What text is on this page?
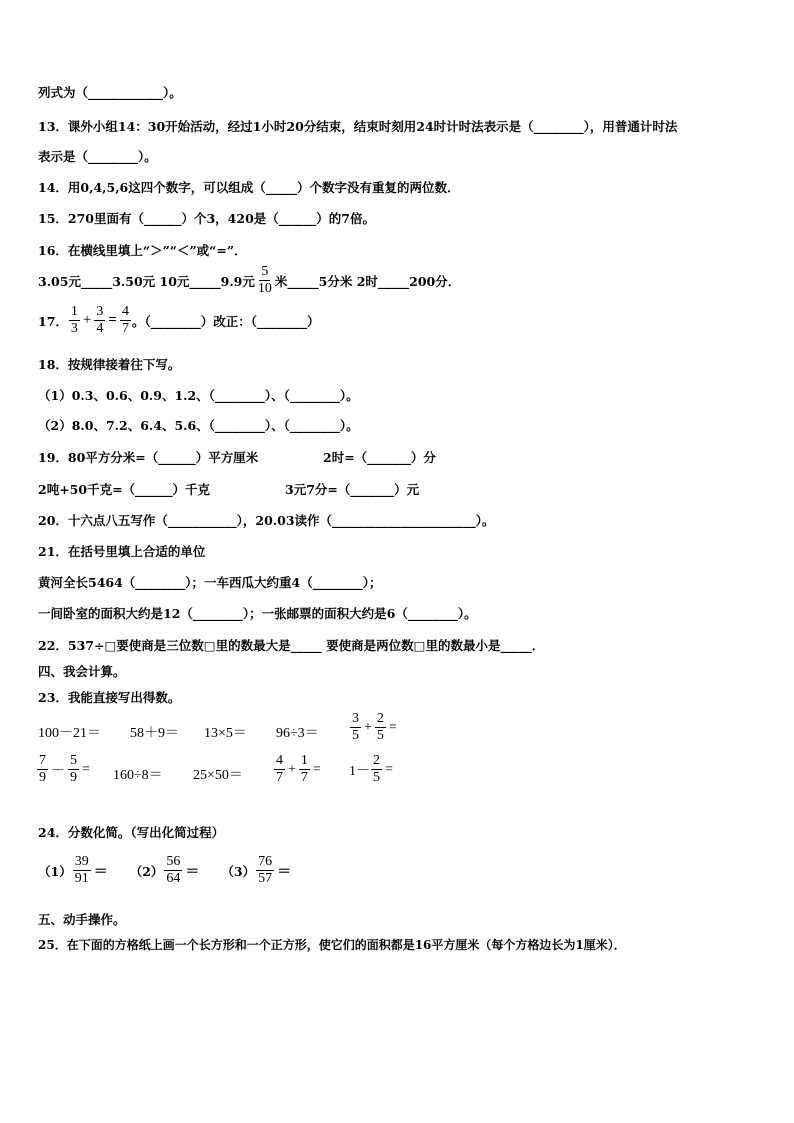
列式为（____________）。
13．课外小组14：30开始活动，经过1小时20分结束，结束时刻用24时计时法表示是（________），用普通计时法
表示是（________）。
14．用0,4,5,6这四个数字，可以组成（_____）个数字没有重复的两位数．
15．270里面有（______）个3，420是（______）的7倍。
16．在横线里填上“＞”“＜”或“=”．
3.05元_____3.50元 10元_____9.9元 $\frac{5}{10}$ 米_____5分米 2时_____200分．
17． $\frac{1}{3} + \frac{3}{4} = \frac{4}{7}$ 。（________）改正：（________）
18．按规律接着往下写。
（1）0.3、0.6、0.9、1.2、（________）、（________）。
（2）8.0、7.2、6.4、5.6、（________）、（________）。
19．80平方分米=（______）平方厘米	2时=（_______）分
2吨+50千克=（______）千克	3元7分=（_______）元
20．十六点八五写作（___________），20.03读作（_______________________）。
21．在括号里填上合适的单位
黄河全长5464（________）；一车西瓜大约重4（________）；
一间卧室的面积大约是12（________）；一张邮票的面积大约是6（________）。
22．537÷□要使商是三位数□里的数最大是_____ 要使商是两位数□里的数最小是_____．
四、我会计算。
23．我能直接写出得数。
$100-21= 58+9= 13\times 5= 96\div 3= \frac{3}{5} + \frac{2}{5}$ =
$\frac{7}{9} - \frac{5}{9} = 160\div 8= 25\times 50= \frac{4}{7} + \frac{1}{7} = 1- \frac{2}{5}$ =
24．分数化简。（写出化简过程）
$(1) \frac{39}{91} = (2) \frac{56}{64} = (3) \frac{76}{57}$ ＝
五、动手操作。
25．在下面的方格纸上画一个长方形和一个正方形，使它们的面积都是16平方厘米（每个方格边长为1厘米）．
